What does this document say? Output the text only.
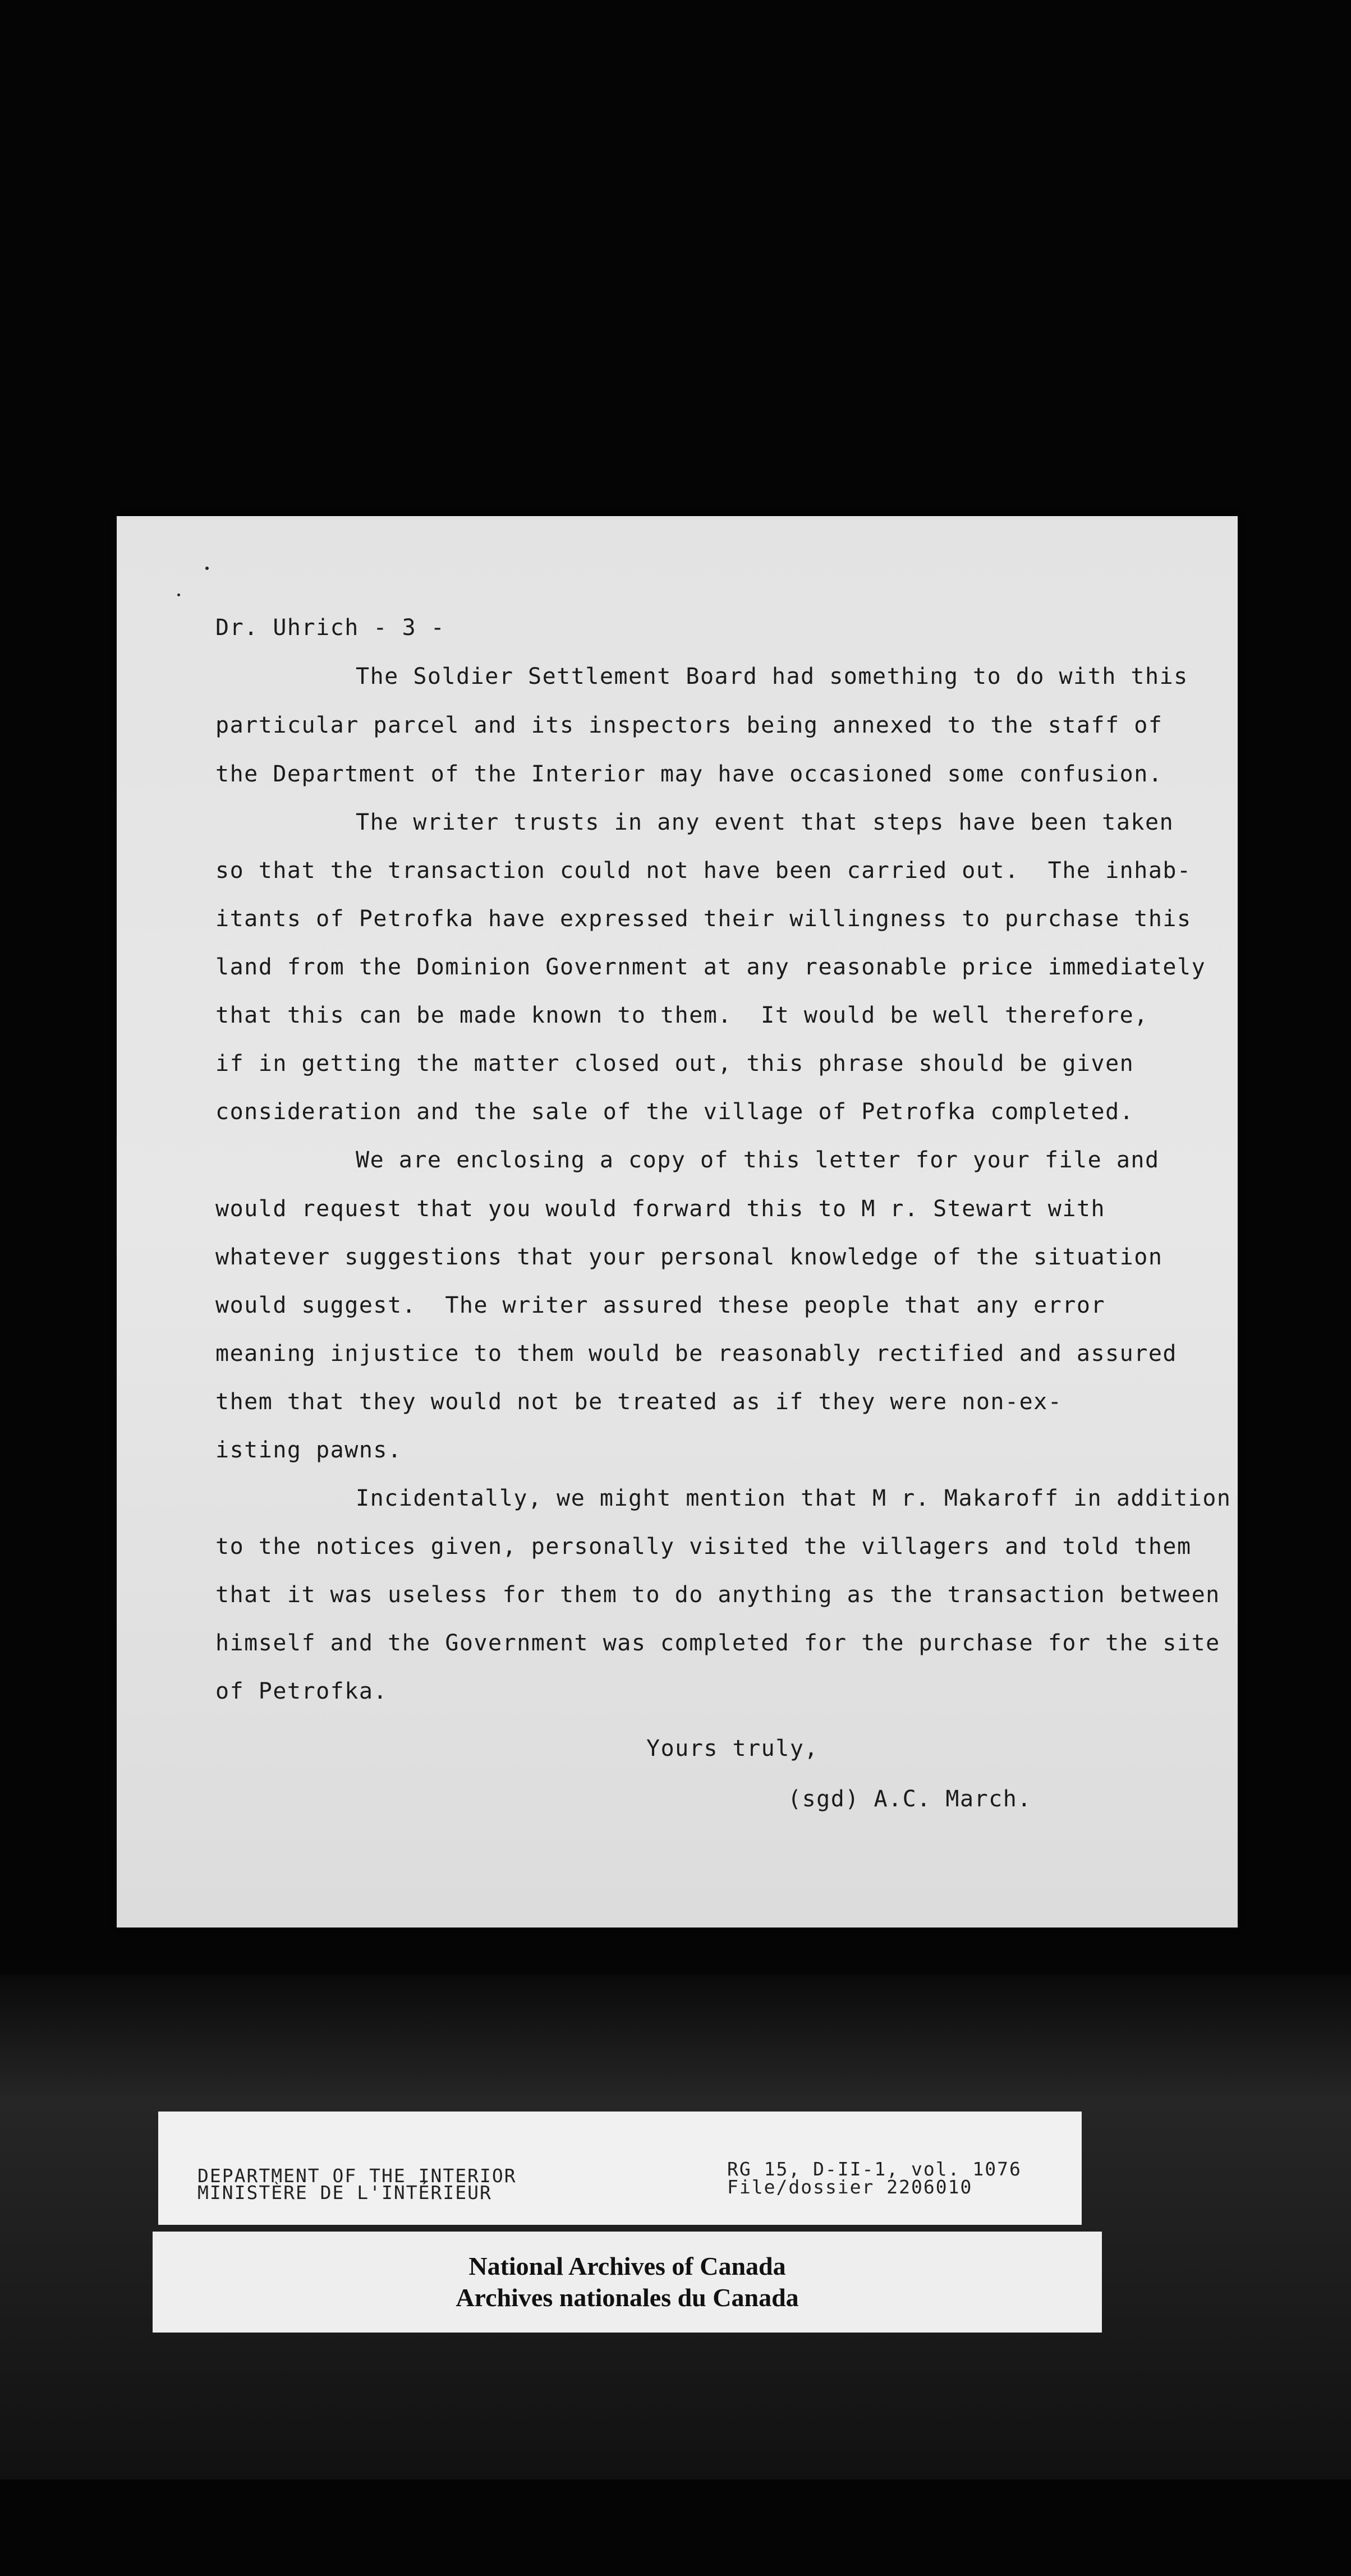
Dr. Uhrich - 3 -

The Soldier Settlement Board had something to do with this

particular parcel and its inspectors being annexed to the staff of

the Department of the Interior may have occasioned some confusion.

The writer trusts in any event that steps have been taken

so that the transaction could not have been carried out.  The inhab-

itants of Petrofka have expressed their willingness to purchase this

land from the Dominion Government at any reasonable price immediately

that this can be made known to them.  It would be well therefore,

if in getting the matter closed out, this phrase should be given

consideration and the sale of the village of Petrofka completed.

We are enclosing a copy of this letter for your file and

would request that you would forward this to M r. Stewart with

whatever suggestions that your personal knowledge of the situation

would suggest.  The writer assured these people that any error

meaning injustice to them would be reasonably rectified and assured

them that they would not be treated as if they were non-ex-

isting pawns.

Incidentally, we might mention that M r. Makaroff in addition

to the notices given, personally visited the villagers and told them

that it was useless for them to do anything as the transaction between

himself and the Government was completed for the purchase for the site

of Petrofka.

Yours truly,

(sgd) A.C. March.

DEPARTMENT OF THE INTERIOR

MINISTÈRE DE L'INTÉRIEUR

RG 15, D-II-1, vol. 1076

File/dossier 2206010

National Archives of Canada

Archives nationales du Canada
